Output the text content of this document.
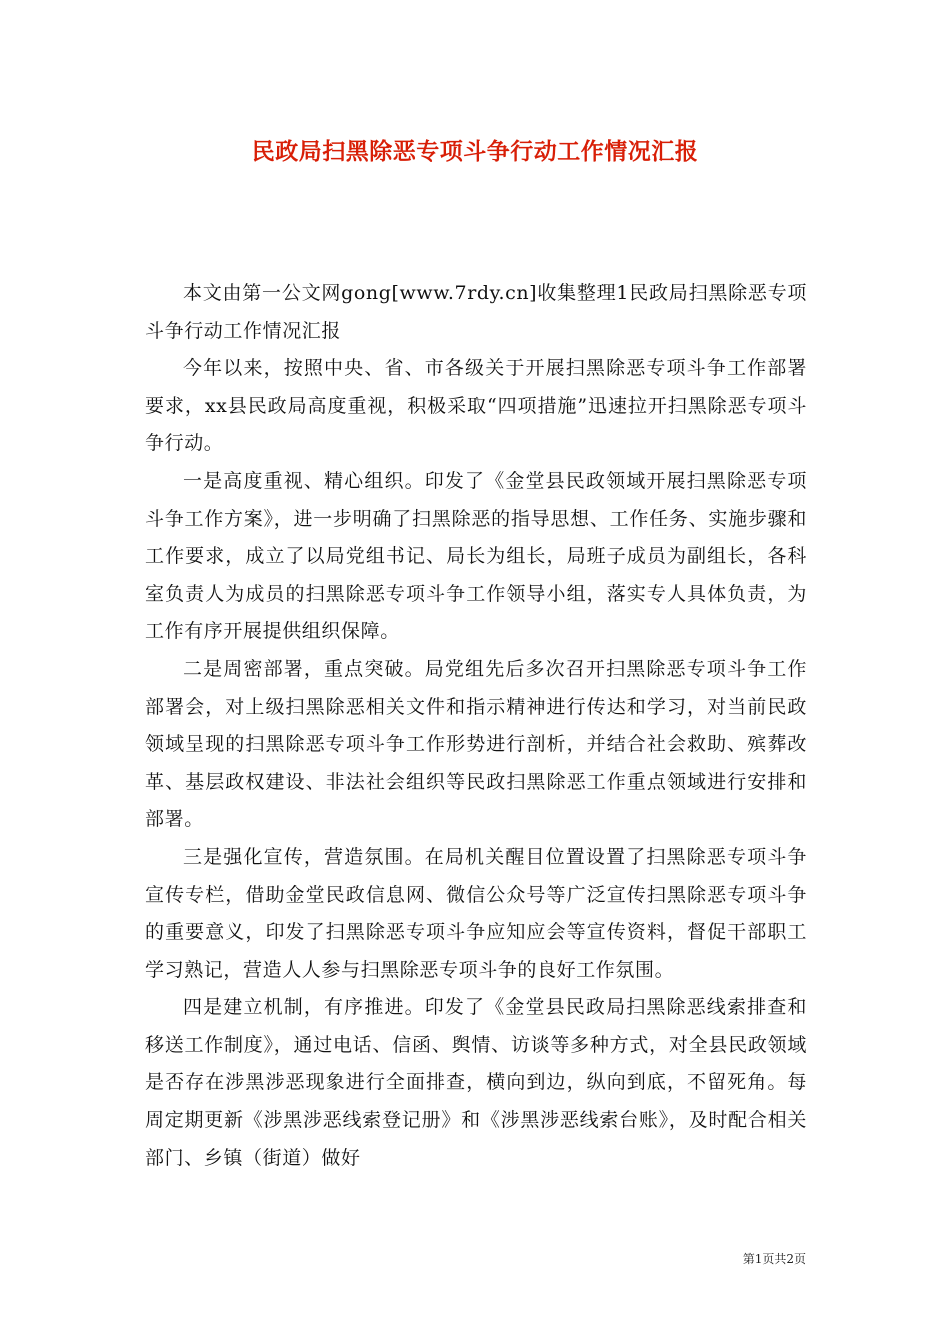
民政局扫黑除恶专项斗争行动工作情况汇报

本文由第一公文网gong[www.7rdy.cn]收集整理1民政局扫黑除恶专项斗争行动工作情况汇报

今年以来，按照中央、省、市各级关于开展扫黑除恶专项斗争工作部署要求，xx县民政局高度重视，积极采取“四项措施”迅速拉开扫黑除恶专项斗争行动。

一是高度重视、精心组织。印发了《金堂县民政领域开展扫黑除恶专项斗争工作方案》，进一步明确了扫黑除恶的指导思想、工作任务、实施步骤和工作要求，成立了以局党组书记、局长为组长，局班子成员为副组长，各科室负责人为成员的扫黑除恶专项斗争工作领导小组，落实专人具体负责，为工作有序开展提供组织保障。

二是周密部署，重点突破。局党组先后多次召开扫黑除恶专项斗争工作部署会，对上级扫黑除恶相关文件和指示精神进行传达和学习，对当前民政领域呈现的扫黑除恶专项斗争工作形势进行剖析，并结合社会救助、殡葬改革、基层政权建设、非法社会组织等民政扫黑除恶工作重点领域进行安排和部署。

三是强化宣传，营造氛围。在局机关醒目位置设置了扫黑除恶专项斗争宣传专栏，借助金堂民政信息网、微信公众号等广泛宣传扫黑除恶专项斗争的重要意义，印发了扫黑除恶专项斗争应知应会等宣传资料，督促干部职工学习熟记，营造人人参与扫黑除恶专项斗争的良好工作氛围。

四是建立机制，有序推进。印发了《金堂县民政局扫黑除恶线索排查和移送工作制度》，通过电话、信函、舆情、访谈等多种方式，对全县民政领域是否存在涉黑涉恶现象进行全面排查，横向到边，纵向到底，不留死角。每周定期更新《涉黑涉恶线索登记册》和《涉黑涉恶线索台账》，及时配合相关部门、乡镇（街道）做好

第1页共2页
